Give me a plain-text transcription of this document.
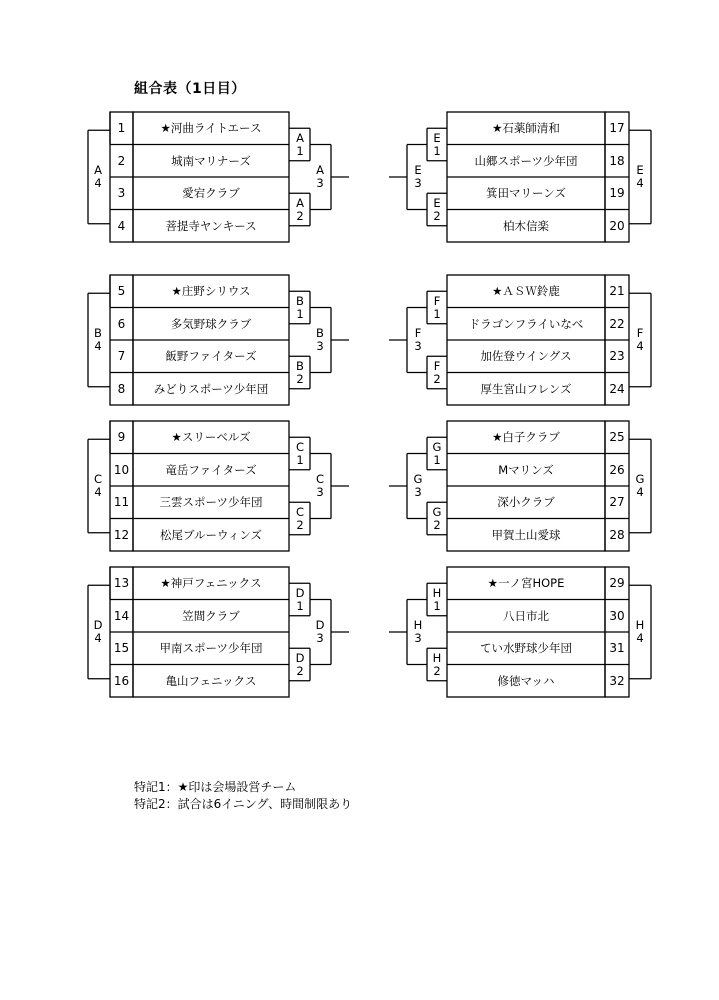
組合表（1日目）
1	★河曲ライトエース
2	城南マリナーズ
3	愛宕クラブ
4	菩提寺ヤンキース
A
4
A
1
A
2
A
3
★石薬師清和	17
山郷スポーツ少年団	18
箕田マリーンズ	19
柏木信楽	20
E
4
E
1
E
2
E
3
5	★庄野シリウス
6	多気野球クラブ
7	飯野ファイターズ
8	みどりスポーツ少年団
B
4
B
1
B
2
B
3
★ＡＳＷ鈴鹿	21
ドラゴンフライいなべ	22
加佐登ウイングス	23
厚生宮山フレンズ	24
F
4
F
1
F
2
F
3
9	★スリーベルズ
10	竜岳ファイターズ
11	三雲スポーツ少年団
12	松尾ブルーウィンズ
C
4
C
1
C
2
C
3
★白子クラブ	25
Mマリンズ	26
深小クラブ	27
甲賀土山愛球	28
G
4
G
1
G
2
G
3
13	★神戸フェニックス
14	笠間クラブ
15	甲南スポーツ少年団
16	亀山フェニックス
D
4
D
1
D
2
D
3
★一ノ宮HOPE	29
八日市北	30
てい水野球少年団	31
修徳マッハ	32
H
4
H
1
H
2
H
3
特記1：★印は会場設営チーム
特記2：試合は6イニング、時間制限あり
